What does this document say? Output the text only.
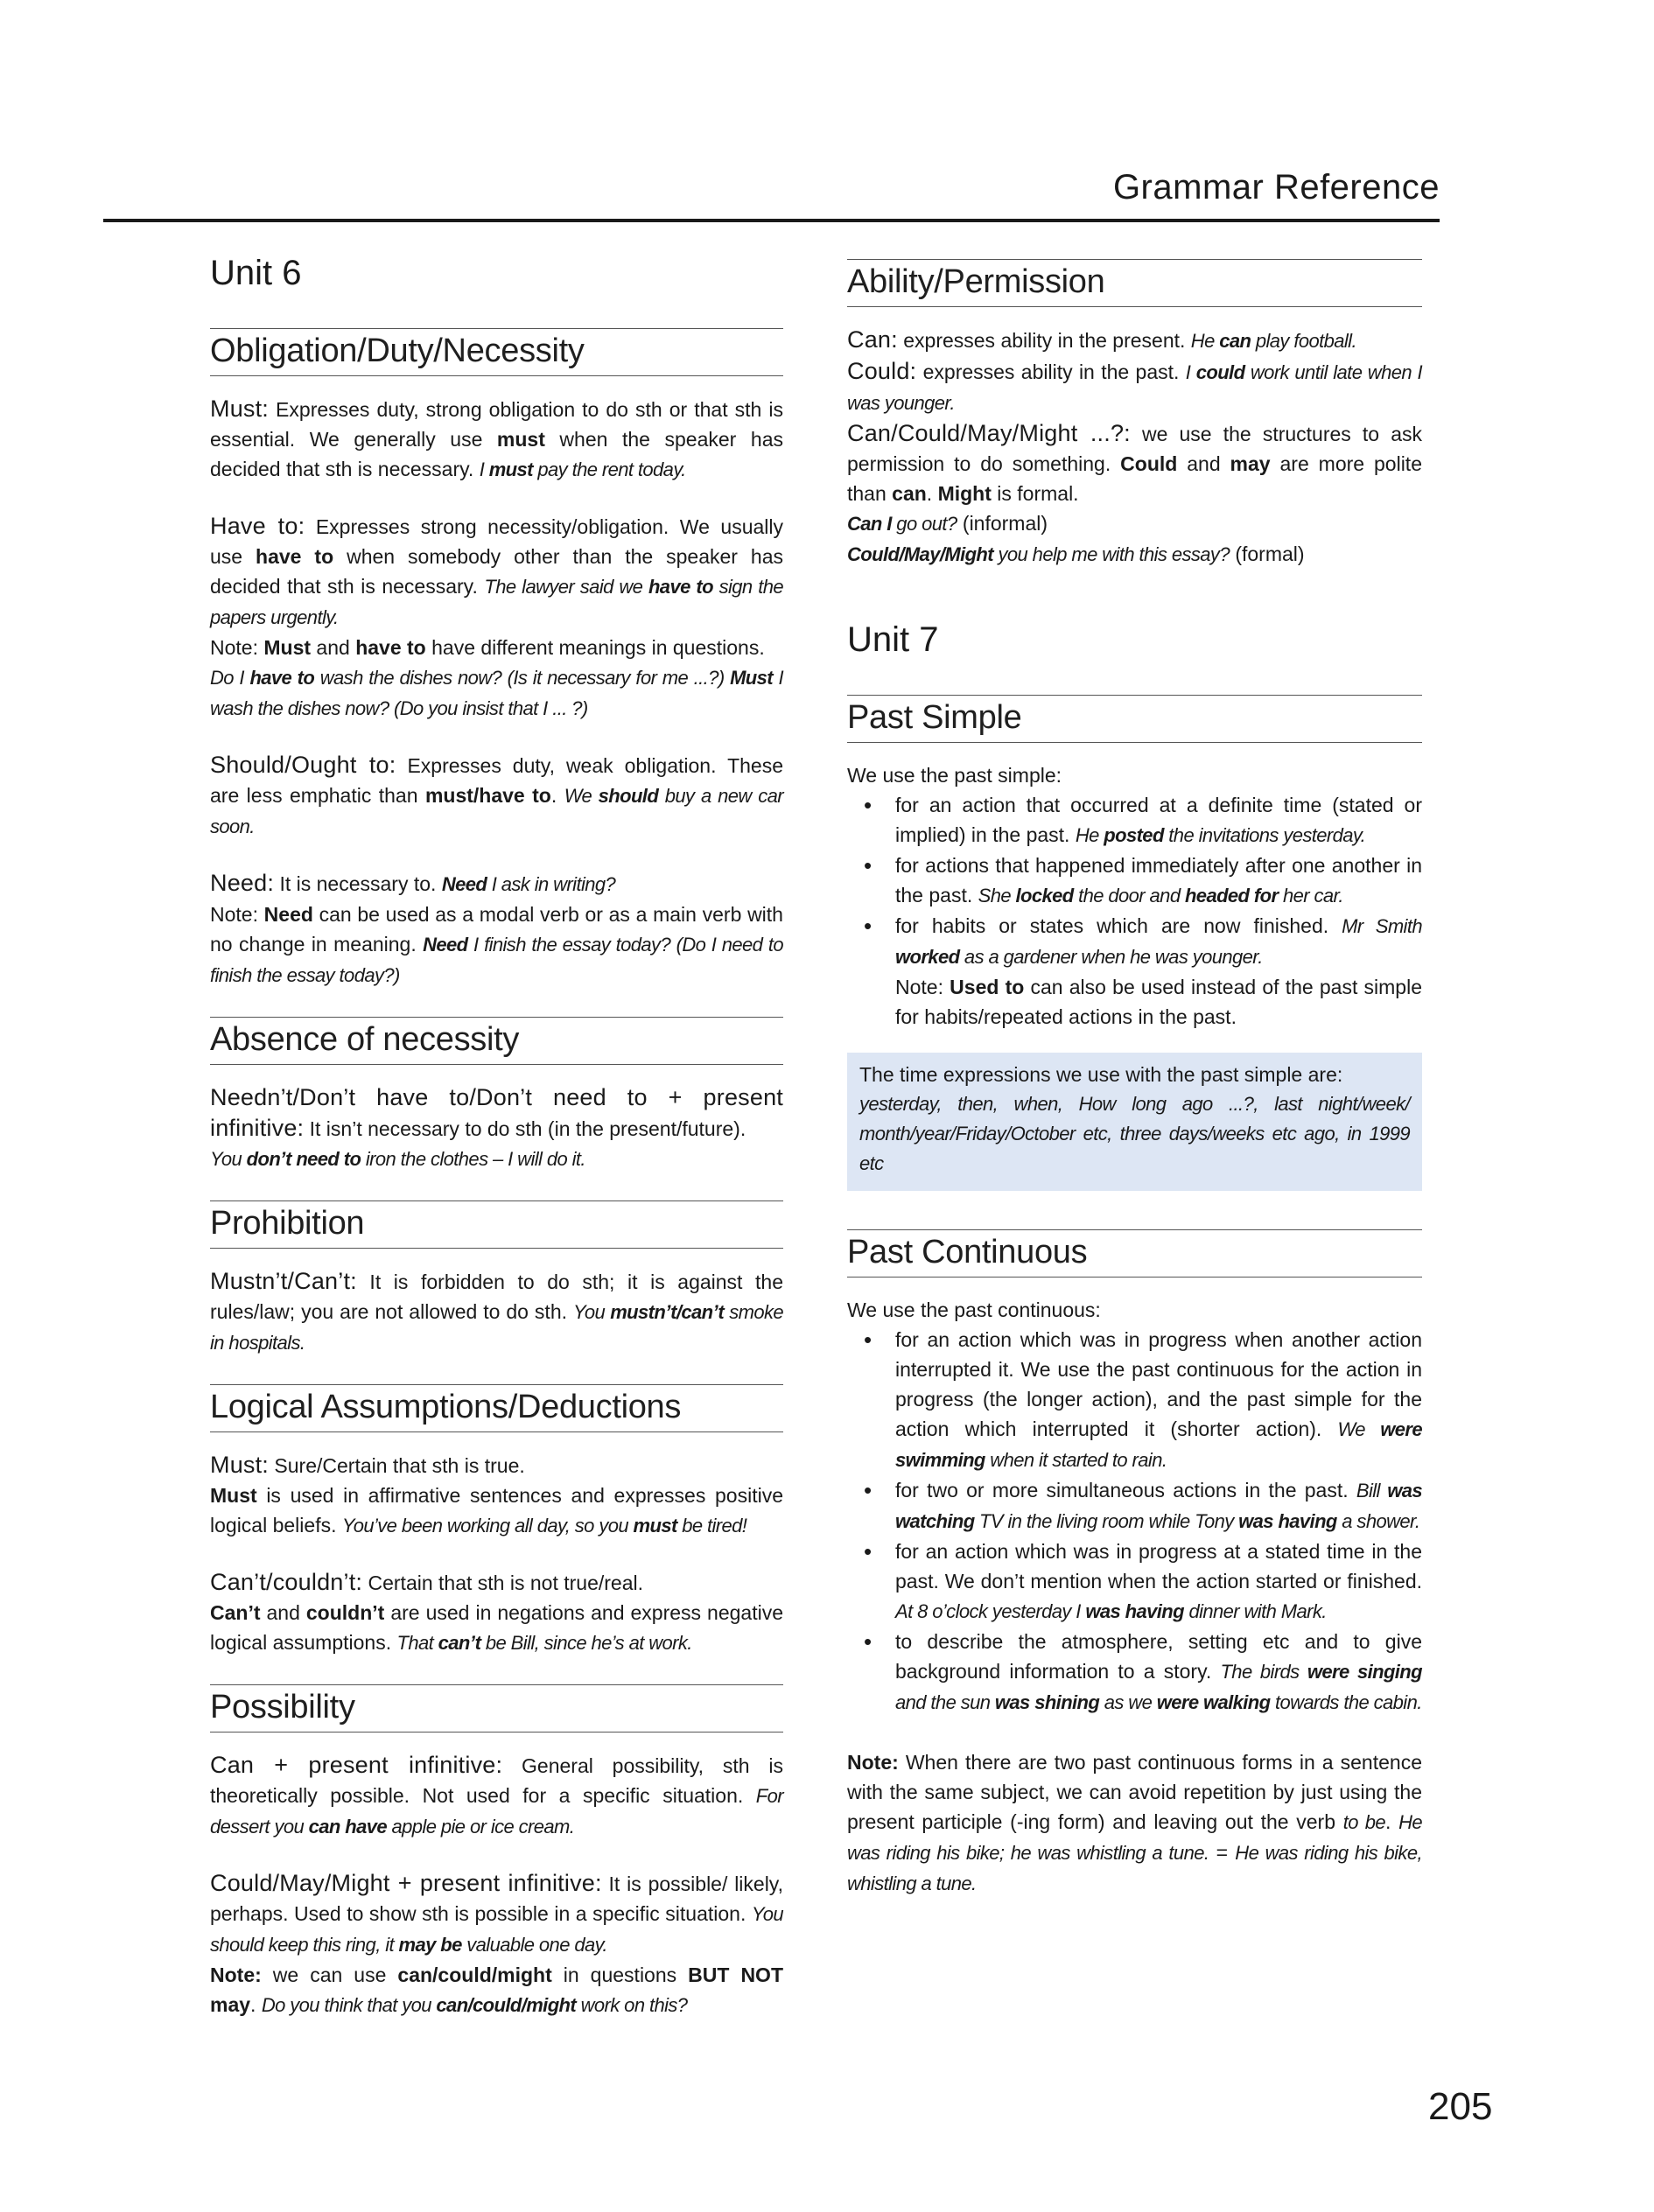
Grammar Reference
Unit 6
Obligation/Duty/Necessity

Must: Expresses duty, strong obligation to do sth or that sth is essential. We generally use must when the speaker has decided that sth is necessary. I must pay the rent today.

Have to: Expresses strong necessity/obligation. We usually use have to when somebody other than the speaker has decided that sth is necessary. The lawyer said we have to sign the papers urgently.

Note: Must and have to have different meanings in questions.
Do I have to wash the dishes now? (Is it necessary for me ...?) Must I wash the dishes now? (Do you insist that I ... ?)

Should/Ought to: Expresses duty, weak obligation. These are less emphatic than must/have to. We should buy a new car soon.

Need: It is necessary to. Need I ask in writing?

Note: Need can be used as a modal verb or as a main verb with no change in meaning. Need I finish the essay today? (Do I need to finish the essay today?)

Absence of necessity

Needn’t/Don’t have to/Don’t need to + present infinitive: It isn’t necessary to do sth (in the present/future).
You don’t need to iron the clothes – I will do it.

Prohibition

Mustn’t/Can’t: It is forbidden to do sth; it is against the rules/law; you are not allowed to do sth. You mustn’t/can’t smoke in hospitals.

Logical Assumptions/Deductions

Must: Sure/Certain that sth is true.

Must is used in affirmative sentences and expresses positive logical beliefs. You’ve been working all day, so you must be tired!

Can’t/couldn’t: Certain that sth is not true/real.

Can’t and couldn’t are used in negations and express negative logical assumptions. That can’t be Bill, since he’s at work.

Possibility

Can + present infinitive: General possibility, sth is theoretically possible. Not used for a specific situation. For dessert you can have apple pie or ice cream.

Could/May/Might + present infinitive: It is possible/ likely, perhaps. Used to show sth is possible in a specific situation. You should keep this ring, it may be valuable one day.

Note: we can use can/could/might in questions BUT NOT may. Do you think that you can/could/might work on this?

Ability/Permission

Can: expresses ability in the present. He can play football.

Could: expresses ability in the past. I could work until late when I was younger.

Can/Could/May/Might ...?: we use the structures to ask permission to do something. Could and may are more polite than can. Might is formal.

Can I go out? (informal)

Could/May/Might you help me with this essay? (formal)

Unit 7
Past Simple

We use the past simple:

• for an action that occurred at a definite time (stated or implied) in the past. He posted the invitations yesterday.
• for actions that happened immediately after one another in the past. She locked the door and headed for her car.
• for habits or states which are now finished. Mr Smith worked as a gardener when he was younger.
Note: Used to can also be used instead of the past simple for habits/repeated actions in the past.

The time expressions we use with the past simple are:

yesterday, then, when, How long ago ...?, last night/week/ month/year/Friday/October etc, three days/weeks etc ago, in 1999 etc

Past Continuous

We use the past continuous:

• for an action which was in progress when another action interrupted it. We use the past continuous for the action in progress (the longer action), and the past simple for the action which interrupted it (shorter action). We were swimming when it started to rain.
• for two or more simultaneous actions in the past. Bill was watching TV in the living room while Tony was having a shower.
• for an action which was in progress at a stated time in the past. We don’t mention when the action started or finished. At 8 o’clock yesterday I was having dinner with Mark.
• to describe the atmosphere, setting etc and to give background information to a story. The birds were singing and the sun was shining as we were walking towards the cabin.

Note: When there are two past continuous forms in a sentence with the same subject, we can avoid repetition by just using the present participle (-ing form) and leaving out the verb to be. He was riding his bike; he was whistling a tune. = He was riding his bike, whistling a tune.

205
